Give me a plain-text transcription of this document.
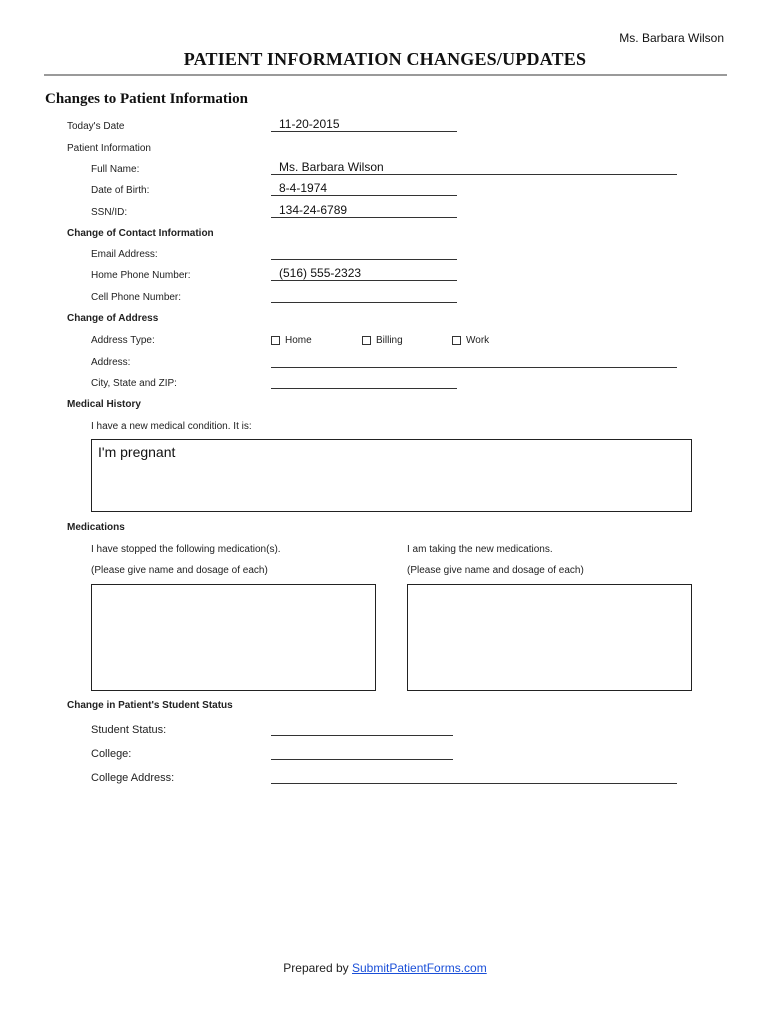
Ms. Barbara Wilson
PATIENT INFORMATION CHANGES/UPDATES
Changes to Patient Information
Today's Date	11-20-2015
Patient Information
Full Name:	Ms. Barbara Wilson
Date of Birth:	8-4-1974
SSN/ID:	134-24-6789
Change of Contact Information
Email Address:
Home Phone Number:	(516) 555-2323
Cell Phone Number:
Change of Address
Address Type:	Home	Billing	Work
Address:
City, State and ZIP:
Medical History
I have a new medical condition. It is:
I'm pregnant
Medications
I have stopped the following medication(s).
(Please give name and dosage of each)
I am taking the new medications.
(Please give name and dosage of each)
Change in Patient's Student Status
Student Status:
College:
College Address:
Prepared by SubmitPatientForms.com
